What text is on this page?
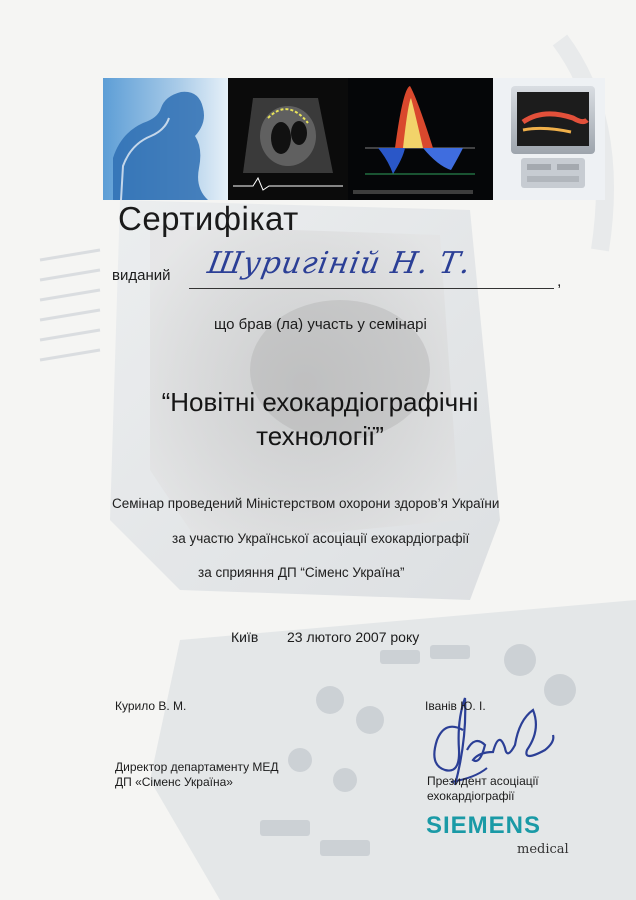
Сертифікат
виданий Шуригіній Н. Т.
,
що брав (ла) участь у семінарі
“Новітні ехокардіографічні
технології”
Семінар проведений Міністерством охорони здоров’я України
за участю Української асоціації ехокардіографії
за сприяння ДП “Сіменс Україна”
Київ 23 лютого 2007 року
Курило В. М.
Директор департаменту МЕД ДП «Сіменс Україна»
Іванів Ю. І.
Президент асоціації ехокардіографії
SIEMENS
medical
